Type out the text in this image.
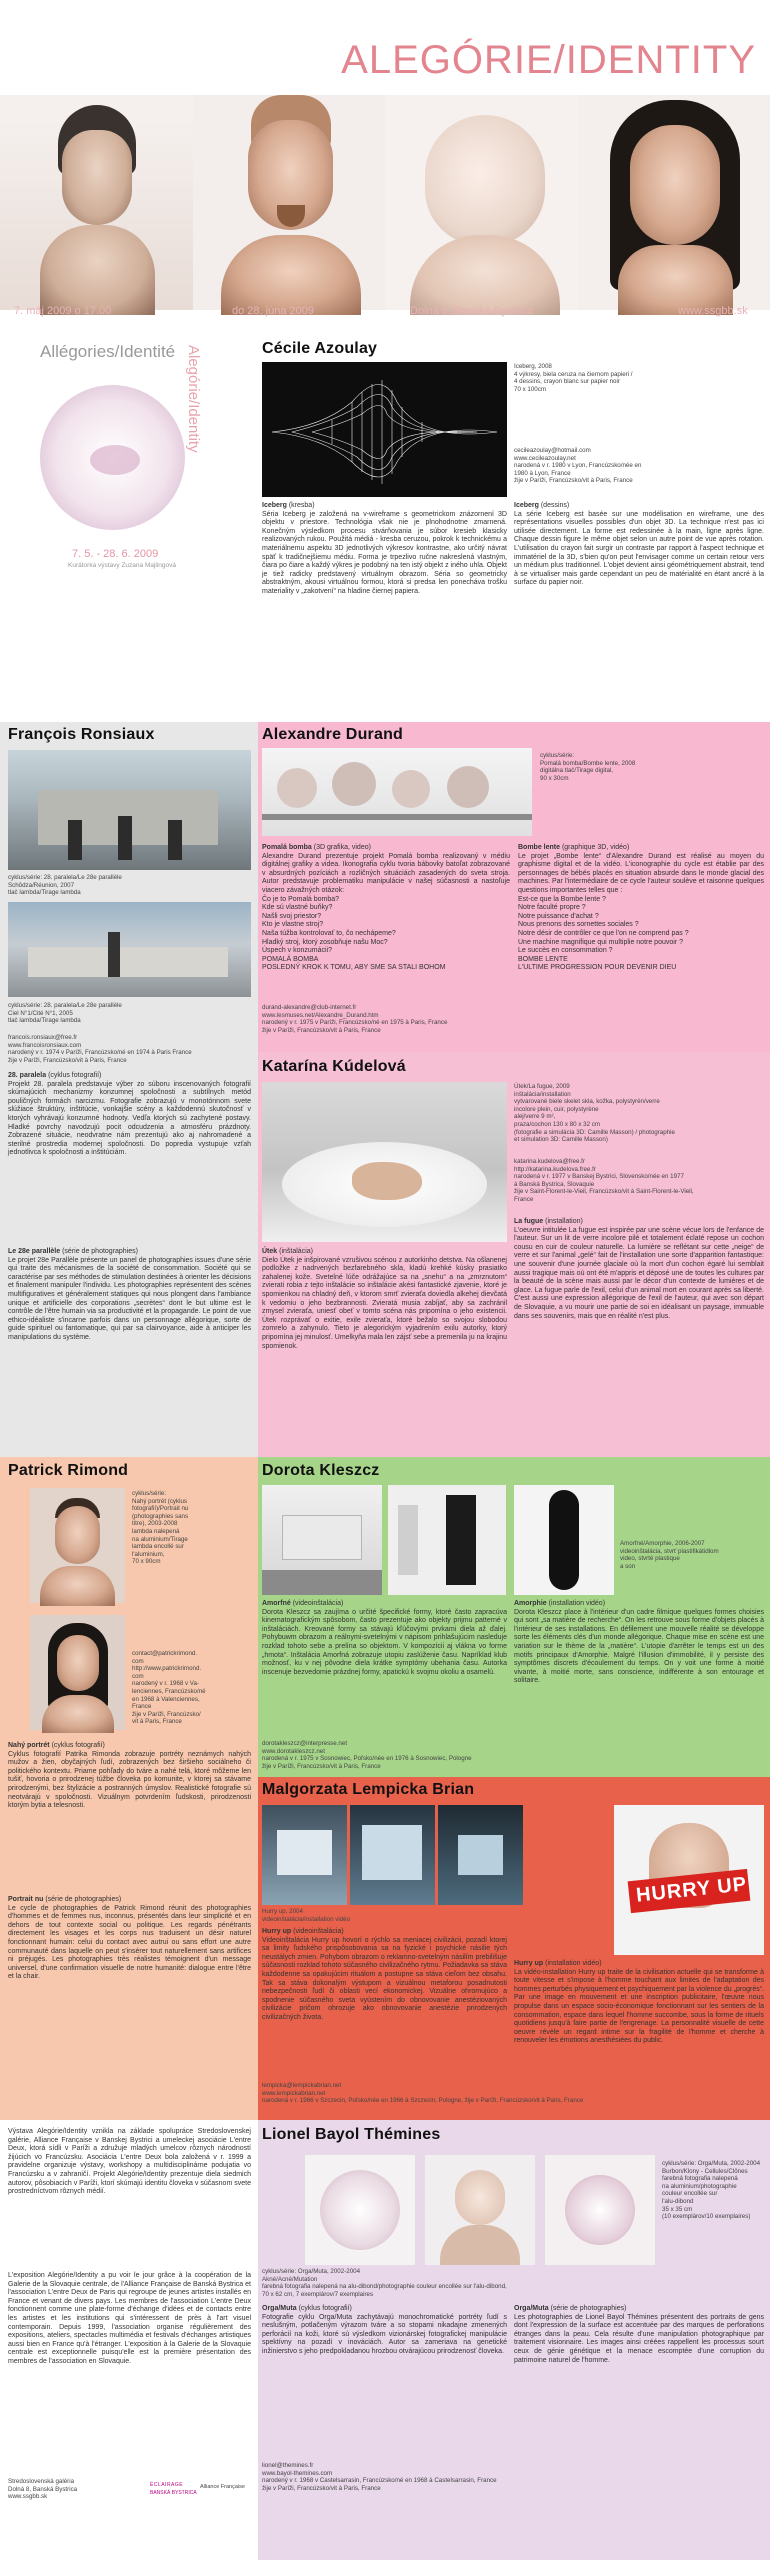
ALEGÓRIE/IDENTITY
7. máj 2009 o 17.00	do 28. júna 2009	Dolná 8, Banská Bystrica	www.ssgbb.sk
Allégories/Identité Alegórie/Identity
7. 5. - 28. 6. 2009
Kurátorka výstavy Zuzana Majlingová
Cécile Azoulay
Iceberg, 2008
4 výkresy, biela ceruza na čiernom papieri /
4 dessins, crayon blanc sur papier noir
70 x 100cm
cecileazoulay@hotmail.com
www.cecileazoulay.net
narodená v r. 1980 v Lyon, Francúzsko/née en
1980 à Lyon, France
žije v Paríži, Francúzsko/vit à Paris, France
Iceberg (kresba)
Séria Iceberg je založená na v-wireframe s geometrickom znázornení 3D objektu v priestore. Technológia však nie je plnohodnotne zmarnená. Konečným výsledkom procesu stvárňovania je súbor kresieb klasicky realizovaných rukou. Použitá médiá - kresba ceruzou, pokrok k technickému a materiálnemu aspektu 3D jednotlivých výkresov kontrastne, ako určitý návrat späť k tradičnejšiemu médiu. Forma je trpezlivo ručne nakreslená vlastným, čiara po čiare a každý výkres je podobný na ten istý objekt z iného uhla. Objekt je tiež radicky predstavený virtuálnym obrazom. Séria so geometricky abstraktným, akousi virtuálnou formou, ktorá si predsa len ponecháva trošku materiality v „zakotvení“ na hladine čiernej papiera.
Iceberg (dessins)
La série Iceberg est basée sur une modélisation en wireframe, une des représentations visuelles possibles d'un objet 3D. La technique n'est pas ici utilisée directement. La forme est redessinée à la main, ligne après ligne. Chaque dessin figure le même objet selon un autre point de vue après rotation. L'utilisation du crayon fait surgir un contraste par rapport à l'aspect technique et immatériel de la 3D, s'bien qu'on peut l'envisager comme un certain retour vers un médium plus traditionnel. L'objet devient ainsi géométriquement abstrait, tend à se virtualiser mais garde cependant un peu de matérialité en étant ancré à la surface du papier noir.
François Ronsiaux
cyklus/série: 28. paralela/Le 28e parallèle
Schôdza/Réunion, 2007
tlač lambda/Tirage lambda
cyklus/série: 28. paralela/Le 28e parallèle
Ciel N°1/Cité N°1, 2005
tlač lambda/Tirage lambda
francois.ronsiaux@free.fr
www.francoisronsiaux.com
narodený v r. 1974 v Paríži, Francúzsko/né en 1974 à Paris France
žije v Paríži, Francúzsko/vit à Paris, France
28. paralela (cyklus fotografií)
Projekt 28. paralela predstavuje výber zo súboru inscenovaných fotografií skúmajúcich mechanizmy konzumnej spoločnosti a subtílnych metód pouličných formách narcizmu. Fotografie zobrazujú v monotónnom svete slúžiace štruktúry, inštitúcie, vonkajšie scény a každodennú skutočnosť v ktorých vyhrávajú konzumné hodnoty. Vedľa ktorých sú zachytené postavy. Hladké povrchy navodzujú pocit odcudzenia a atmosféru prázdnoty. Zobrazené situácie, neodvratne nám prezentujú ako aj nahromadené a sterilné prostredia modernej spoločnosti. Do popredia vystupuje vzťah jednotlivca k spoločnosti a inštitúciám.
Le 28e parallèle (série de photographies)
Le projet 28e Parallèle présente un panel de photographies issues d'une série qui traite des mécanismes de la société de consommation. Société qui se caractérise par ses méthodes de stimulation destinées à orienter les décisions et finalement manipuler l'individu. Les photographies représentent des scènes multifiguratives et généralement statiques qui nous plongent dans l'ambiance unique et artificielle des corporations „secrètes“ dont le but ultime est le contrôle de l'être humain via sa productivité et la propagande. Le point de vue ethico-idéaliste s'incarne parfois dans un personnage allégorique, sorte de guide spirituel ou fantomatique, qui par sa clairvoyance, aide à anticiper les manipulations du système.
Alexandre Durand
cyklus/série:
Pomalá bomba/Bombe lente, 2008
digitálna tlač/Tirage digital,
90 x 30cm
Pomalá bomba (3D grafika, video)
Alexandre Durand prezentuje projekt Pomalá bomba realizovaný v médiu digitálnej grafiky a videa. Ikonografia cyklu tvoria bábovky batoľat zobrazované v absurdných pozíciách a rozličných situáciách zasadených do sveta stroja. Autor predstavuje problematiku manipulácie v našej súčasnosti a nastoľuje viacero závažných otázok:
Čo je to Pomalá bomba?
Kde sú vlastné buňky?
Našli svoj priestor?
Kto je vlastne stroj?
Naša túžba kontrolovať to, čo nechápeme?
Hladký stroj, ktorý zosobňuje našu Moc?
Úspech v konzumácii?
POMALÁ BOMBA
POSLEDNÝ KROK K TOMU, ABY SME SA STALI BOHOM
durand-alexandre@club-internet.fr
www.lesmuses.net/Alexandre_Durand.htm
narodený v r. 1975 v Paríži, Francúzsko/né en 1975 à Paris, France
žije v Paríži, Francúzsko/vit à Paris, France
Bombe lente (graphique 3D, vidéo)
Le projet „Bombe lente“ d'Alexandre Durand est réalisé au moyen du graphisme digital et de la vidéo. L'iconographie du cycle est établie par des personnages de bébés placés en situation absurde dans le monde glacial des machines. Par l'intermédiaire de ce cycle l'auteur soulève et raisonne quelques questions importantes telles que :
Est-ce que la Bombe lente ?
Notre faculté propre ?
Notre puissance d'achat ?
Nous prenons des sornettes sociales ?
Notre désir de contrôler ce que l'on ne comprend pas ?
Une machine magnifique qui multiplie notre pouvoir ?
Le succès en consommation ?
BOMBE LENTE
L'ULTIME PROGRESSION POUR DEVENIR DIEU
Katarína Kúdelová
Útek/La fugue, 2009
inštalácia/installation
vytvarované biele skelet skla, kožka, polystyrén/verre
incolore plein, cuir, polystyrène
alej/verre 9 m²,
praza/cochon 130 x 80 x 32 cm
(fotografie a simulácia 3D: Camille Masson) / photographie
et simulation 3D: Camille Masson)
katarina.kudelova@free.fr
http://katarina.kudelova.free.fr
narodená v r. 1977 v Banskej Bystrici, Slovensko/née en 1977
à Banská Bystrica, Slovaquie
žije v Saint-Florent-le-Vieil, Francúzsko/vit à Saint-Florent-le-Vieil,
France
Útek (inštalácia)
Dielo Útek je inšpirované vzrušivou scénou z autorkinho detstva. Na ošlanenej podložke z nadrvených bezfarebného skla, kladú krehké kúsky prasiatko zahalenej kože. Svetelné lúče odrážajúce sa na „snehu“ a na „zmrznutom“ zvierati robia z tejto inštalácie so inštalácie akési fantastické zjavenie, ktoré je spomienkou na chladný deň, v ktorom smrť zvieraťa doviedla alkehej dievčatá k vedomiu o jeho bezbrannosti. Zvieratá musia zabíjať, aby sa zachránil zmysel zvieraťa, uniesť obeť v tomto scéna nás pripomína o jeho existencii. Útek rozprávať o exitie, exile zvieraťa, ktoré bežalo so svojou slobodou zomrelo a zahynulo. Tieto je alegorickým vyjadrením exilu autorky, ktorý pripomína jej minulosť. Umelkyňa mala len zájsť sebe a premenila ju na krajinu spomienok.
La fugue (installation)
L'oeuvre intitulée La fugue est inspirée par une scène vécue lors de l'enfance de l'auteur. Sur un lit de verre incolore pilé et totalement éclaté repose un cochon cousu en cuir de couleur naturelle. La lumière se reflétant sur cette „neige“ de verre et sur l'animal „gelé“ fait de l'installation une sorte d'apparition fantastique: une souvenir d'une journée glaciale où la mort d'un cochon égaré lui semblait aussi tragique mais où ont été m'appris et déposé une de toutes les cultures par la beauté de la scène mais aussi par le décor d'un contexte de lumières et de glace. La fugue parle de l'exil, celui d'un animal mort en courant après sa liberté. C'est aussi une expression allégorique de l'exil de l'auteur, qui avec son départ de Slovaquie, a vu mourir une partie de soi en idéalisant un paysage, immuable dans ses souvenirs, mais que en réalité n'est plus.
Patrick Rimond
cyklus/série:
Nahý portrét (cyklus
fotografií)/Portrait nu
(photographies sans
titre), 2003-2008
lambda nalepená
na aluminium/Tirage
lambda encollé sur
l'aluminium,
70 x 90cm
contact@patrickrimond.
com
http://www.patrickrimond.
com
narodený v r. 1968 v Va-
lenciennes, Francúzsko/né
en 1968 à Valenciennes,
France
žije v Paríži, Francúzsko/
vit à Paris, France
Nahý portrét (cyklus fotografií)
Cyklus fotografií Patrika Rimonda zobrazuje portréty neznámych nahých mužov a žien, obyčajných ľudí, zobrazených bez širšieho sociálneho či politického kontextu. Priame pohľady do tváre a nahé telá, ktoré môžeme len tušiť, hovoria o prirodzenej túžbe človeka po komunite, v ktorej sa stávame prirodzenými, bez štylizácie a postranných úmyslov. Realistické fotografie sú neotvárajú v spoločnosti. Vizuálnym potvrdením ľudskosti, prirodzenosti ktorým bytia a telesnosti.
Portrait nu (série de photographies)
Le cycle de photographies de Patrick Rimond réunit des photographies d'hommes et de femmes nus, inconnus, présentés dans leur simplicité et en dehors de tout contexte social ou politique. Les regards pénétrants directement les visages et les corps nus traduisent un désir naturel fonctionnant humain: celui du contact avec autrui ou sans effort une autre communauté dans laquelle on peut s'insérer tout naturellement sans artifices ni préjugés. Les photographies très réalistes témoignent d'un message universel, d'une confirmation visuelle de notre humanité: dialogue entre l'être et la chair.
Dorota Kleszcz
Amorfné/Amorphie, 2006-2007
videoinštalácia, stvrť plastifikátidlom
video, stvrté plastique
a son
Amorfné (videoinštalácia)
Dorota Kleszcz sa zaujíma o určité špecifické formy, ktoré často zapracúva kinematografickým spôsobom, často prezentuje ako objekty prijmu patterné v inštaláciách. Kreované formy sa stávajú kľúčovými prvkami diela až ďalej. Pohybuwm obrazom a reálnymi-svetelnými v nápisom prihlašujúcim nasleduje rozklad tohoto sebe a prelína so objektom. V kompozícii aj vlákna vo forme „hmota“. Inštalácia Amorfná zobrazuje utopiu zaslúženie času. Napríklad klub možnosť, ku v nej pôvodne diela krátke symptómy ubehania času. Autorka inscenuje bezvedomie prázdnej formy, apatickú k svojmu okoliu a osamelú.
dorotakleszcz@interpresse.net
www.dorotakleszcz.net
narodená v r. 1975 v Sosnowiec, Poľsko/née en 1976 à Sosnowiec, Pologne
žije v Paríži, Francúzsko/vit à Paris, France
Amorphie (installation vidéo)
Dorota Kleszcz place à l'intérieur d'un cadre filmique quelques formes choisies qui sont „sa matière de recherche“. On les retrouve sous forme d'objets placés à l'intérieur de ses installations. En défilement une mouvelle réalité se développe sorte les éléments clés d'un monde allégorique. Chaque mise en scène est une variation sur le thème de la „matière“. L'utopie d'arrêter le temps est un des motifs principaux d'Amorphie. Malgré l'illusion d'immobilité, il y persiste des symptômes discrets d'écoulement du temps. On y voit une forme à moitié vivante, à moitié morte, sans conscience, indifférente à son entourage et solitaire.
Malgorzata Lempicka Brian
HURRY UP
Hurry up, 2004
videoinštalácia/installation vidéo
Hurry up (videoinštalácia)
Videoinštalácia Hurry up hovorí o rýchlo sa meniacej civilizácii, pozadí ktorej sa limity ľudského prispôsobovania sa na fyzické i psychické násilie tých neustálych zmien. Pohybom obrazom o reklamno-svetelným násilím prebilišuje súčasnosti rozklad tohoto súčasného civilizačného rytmu. Požiadavka sa stáva každodenne sa opakujúcim rituálom a postupne sa stáva cieľom bez obsahu. Tak sa stáva dokonalým výstupom a vizuálnou metaforou posadnutosti nebezpečnosti ľudí či oblasti vecí ekonomickej. Vizuálne ohromujúco a spodnenie súčasného sveta vyústením do obnovovanie anestéziovaných civilizácie pričom ohrozuje ako obnovovanie anestézie prirodzených civilizačných života.
lempicka@lempickabrian.net
www.lempickabrian.net
narodená v r. 1966 v Szczecin, Poľsko/née en 1966 à Szczecin, Pologne, žije v Paríži, Francúzsko/vit à Paris, France
Hurry up (installation vidéo)
La vidéo-installation Hurry up traite de la civilisation actuelle qui se transforme à toute vitesse et s'impose à l'homme touchant aux limites de l'adaptation des hommes perturbés physiquement et psychiquement par la violence du „progrès“. Par une image en mouvement et une inscription publicitaire, l'œuvre nous propulse dans un espace socio-économique fonctionnant sur les sentiers de la consommation, espace dans lequel l'homme succombe, sous la forme de rituels quotidiens jusqu'à faire partie de l'engrenage. La personnalité visuelle de cette oeuvre révèle un regard intime sur la fragilité de l'homme et cherche à renouveler les émotions anesthésiées du public.
Výstava Alegórie/Identity vznikla na základe spolupráce Stredoslovenskej galérie, Alliance Française v Banskej Bystrici a umeleckej asociácie L'entre Deux, ktorá sídli v Paríži a združuje mladých umelcov rôznych národností žijúcich vo Francúzsku. Asociácia L'entre Deux bola založená v r. 1999 a pravidelne organizuje výstavy, workshopy a multidisciplinárne podujatia vo Francúzsku a v zahraničí. Projekt Alegórie/Identity prezentuje diela siedmich autorov, pôsobiacich v Paríži, ktorí skúmajú identitu človeka v súčasnom svete prostredníctvom rôznych médií.
L'exposition Alegórie/Identity a pu voir le jour grâce à la coopération de la Galerie de la Slovaquie centrale, de l'Alliance Française de Banská Bystrica et l'association L'entre Deux de Paris qui regroupe de jeunes artistes installés en France et venant de divers pays. Les membres de l'association L'entre Deux fonctionnent comme une plate-forme d'échange d'idées et de contacts entre les artistes et les institutions qui s'intéressent de près à l'art visuel contemporain. Depuis 1999, l'association organise régulièrement des expositions, ateliers, spectacles multimédia et festivals d'échanges artistiques aussi bien en France qu'à l'étranger. L'exposition à la Galerie de la Slovaquie centrale est exceptionnelle puisqu'elle est la première présentation des membres de l'association en Slovaquie.
Stredoslovenská galéria
Dolná 8, Banská Bystrica
www.ssgbb.sk
ÉCLAIRAGE
BANSKÁ BYSTRICA
Alliance Française
Lionel Bayol Thémines
cyklus/série: Orga/Muta, 2002-2004
Burbon/Klony - Cellules/Clônes
farebná fotografia nalepená
na aluminium/photographie
couleur encollée sur
l'alu-dibond
35 x 35 cm
(10 exemplárov/10 exemplaires)
cyklus/série: Orga/Muta, 2002-2004
Akné/Acné/Mutation
farebná fotografia nalepená na alu-dibond/photographie couleur encollée sur l'alu-dibond,
70 x 62 cm, 7 exemplárov/7 exemplaires
Orga/Muta (cyklus fotografií)
Fotografie cyklu Orga/Muta zachytávajú monochromatické portréty ľudí s neslušným, potlačeným výrazom tváre a so stopami nikadajne zmenených perforácií na koži, ktoré sú výsledkom vizionárskej fotografickej manipulácie spektívny na pozadí v inováciách. Autor sa zameriava na genetické inžinierstvo s jeho predpokladanou hrozbou otvárajúcou prirodzenosť človeka.
lionel@themines.fr
www.bayol-themines.com
narodený v r. 1968 v Castelsarrasin, Francúzsko/né en 1968 à Castelsarrasin, France
žije v Paríži, Francúzsko/vit à Paris, France
Orga/Muta (série de photographies)
Les photographies de Lionel Bayol Thémines présentent des portraits de gens dont l'expression de la surface est accentuée par des marques de perforations étranges dans la peau. Cela résulte d'une manipulation photographique par traitement visionnaire. Les images ainsi créées rappellent les processus sourt ceux de génie génétique et la menace escomptée d'une corruption du patrimoine naturel de l'homme.
